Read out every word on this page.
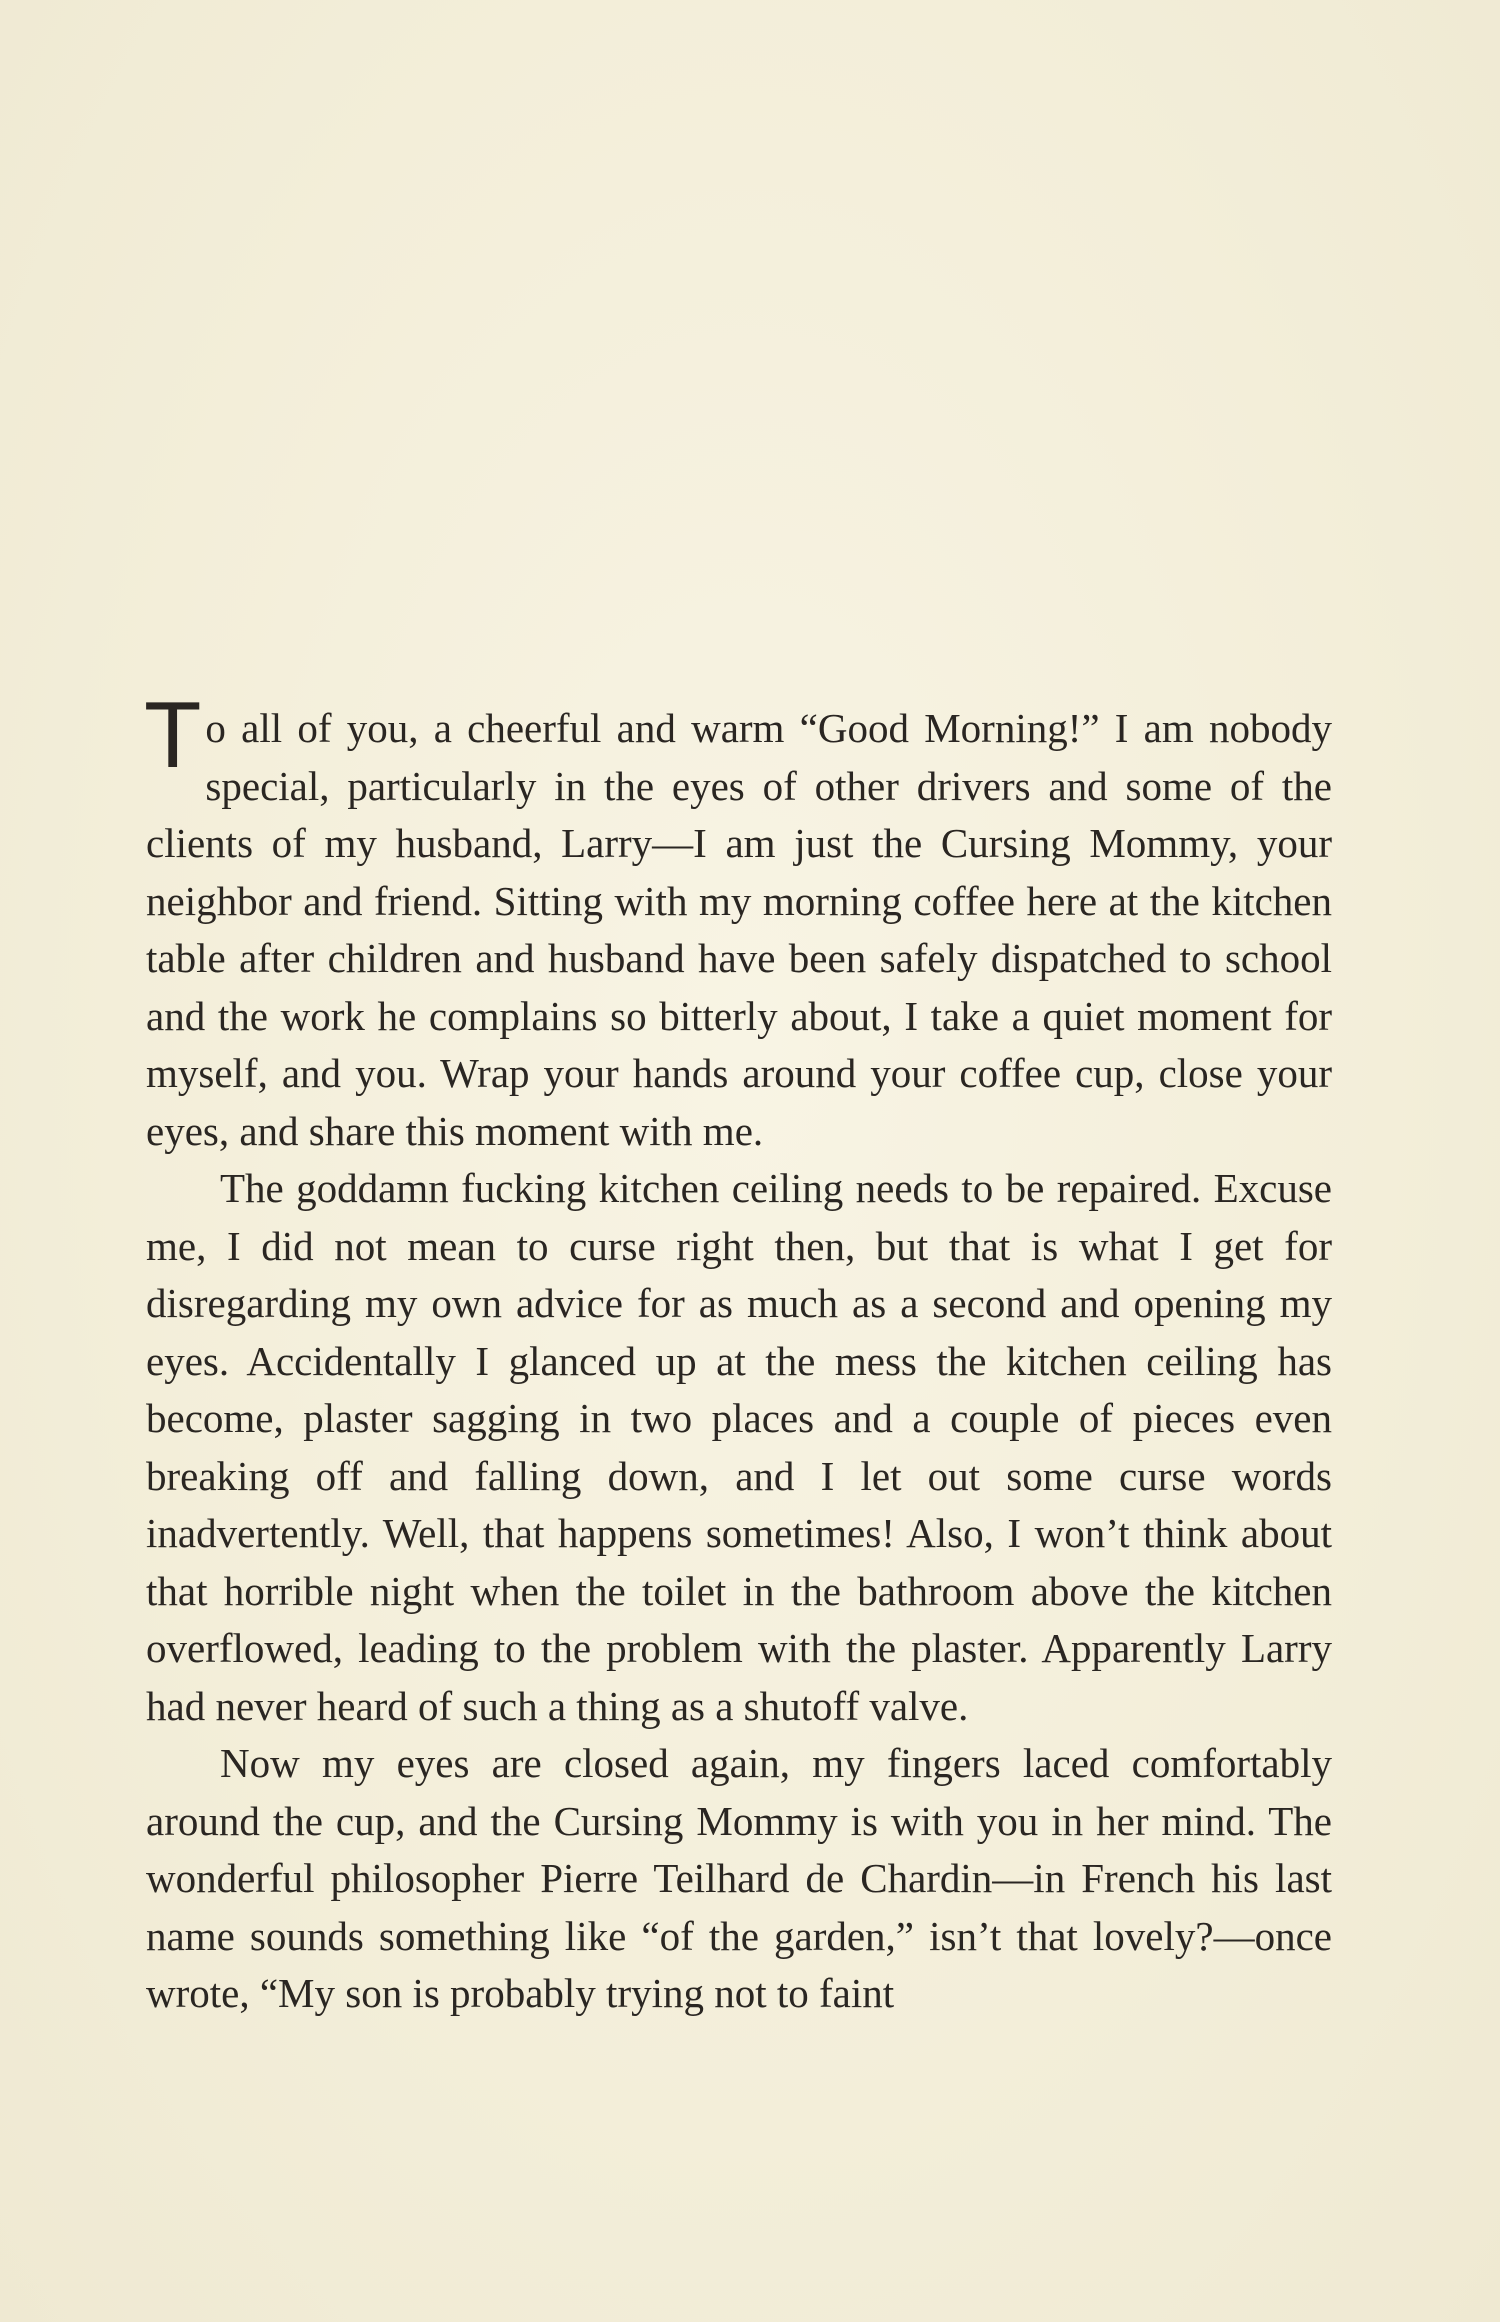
To all of you, a cheerful and warm “Good Morning!” I am nobody special, particularly in the eyes of other drivers and some of the clients of my husband, Larry—I am just the Cursing Mommy, your neighbor and friend. Sitting with my morning coffee here at the kitchen table after children and husband have been safely dispatched to school and the work he complains so bitterly about, I take a quiet moment for myself, and you. Wrap your hands around your coffee cup, close your eyes, and share this moment with me.

The goddamn fucking kitchen ceiling needs to be repaired. Excuse me, I did not mean to curse right then, but that is what I get for disregarding my own advice for as much as a second and opening my eyes. Accidentally I glanced up at the mess the kitchen ceiling has become, plaster sagging in two places and a couple of pieces even breaking off and falling down, and I let out some curse words inadvertently. Well, that happens sometimes! Also, I won’t think about that horrible night when the toilet in the bathroom above the kitchen overflowed, leading to the problem with the plaster. Apparently Larry had never heard of such a thing as a shutoff valve.

Now my eyes are closed again, my fingers laced comfortably around the cup, and the Cursing Mommy is with you in her mind. The wonderful philosopher Pierre Teilhard de Chardin—in French his last name sounds something like “of the garden,” isn’t that lovely?—once wrote, “My son is probably trying not to faint
